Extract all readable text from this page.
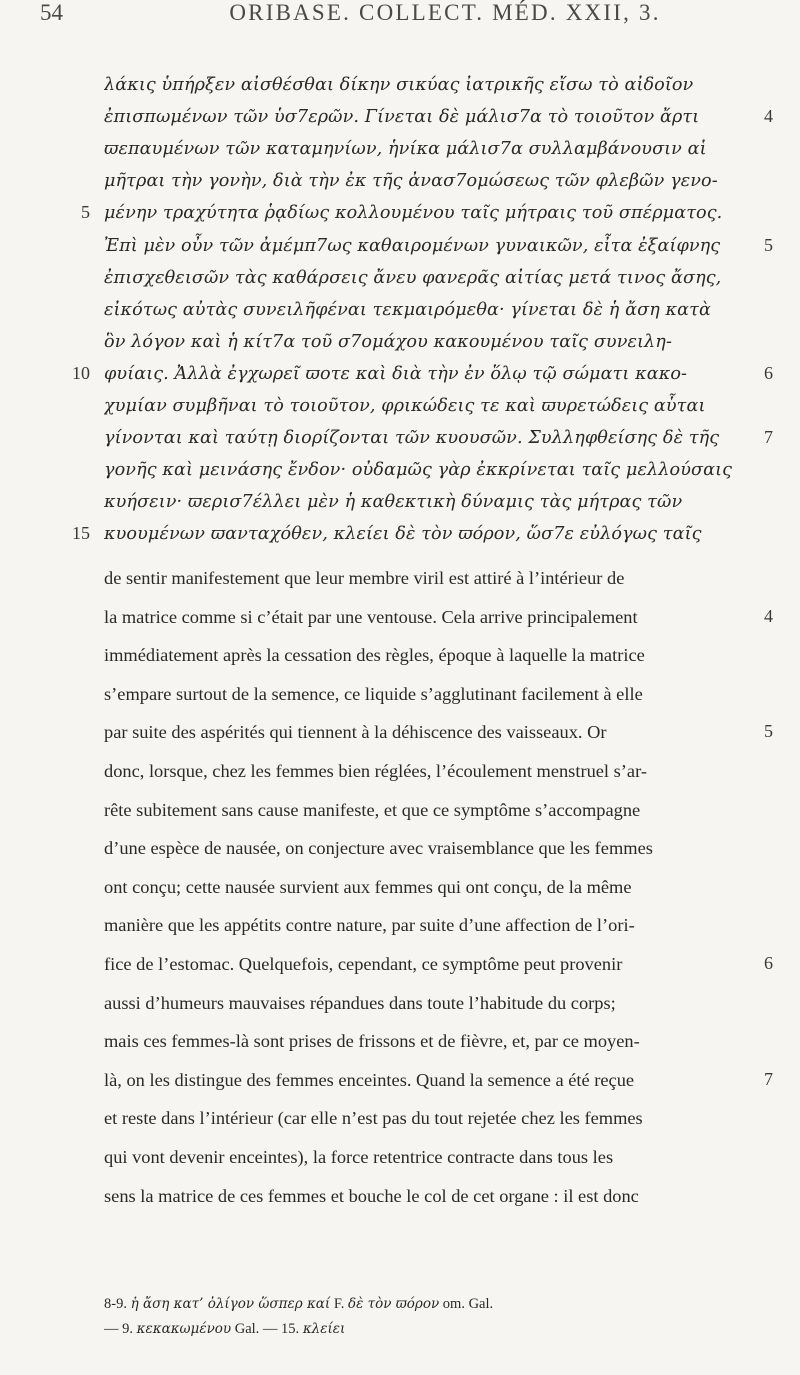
54	ORIBASE. COLLECT. MÉD. XXII, 3.
λάκις ὑπήρξεν αἰσθέσθαι δίκην σικύας ἰατρικῆς εἴσω τὸ αἰδοῖον
ἐπισπωμένων τῶν ὑσ7ερῶν. Γίνεται δὲ μάλισ7α τὸ τοιοῦτον ἄρτι	4
ϖεπαυμένων τῶν καταμηνίων, ἡνίκα μάλισ7α συλλαμβάνουσιν αἱ
μῆτραι τὴν γονὴν, διὰ τὴν ἐκ τῆς ἀνασ7ομώσεως τῶν φλεβῶν γενο-
5 μένην τραχύτητα ῥᾳδίως κολλουμένου ταῖς μήτραις τοῦ σπέρματος.
Ἐπὶ μὲν οὖν τῶν ἀμέμπ7ως καθαιρομένων γυναικῶν, εἶτα ἐξαίφνης	5
ἐπισχεθεισῶν τὰς καθάρσεις ἄνευ φανερᾶς αἰτίας μετά τινος ἄσης,
εἰκότως αὐτὰς συνειλῆφέναι τεκμαιρόμεθα· γίνεται δὲ ἡ ἄση κατὰ
ὃν λόγον καὶ ἡ κίτ7α τοῦ σ7ομάχου κακουμένου ταῖς συνειλη-
10 φυίαις. Ἀλλὰ ἐγχωρεῖ ϖοτε καὶ διὰ τὴν ἐν ὅλῳ τῷ σώματι κακο-	6
χυμίαν συμβῆναι τὸ τοιοῦτον, φρικώδεις τε καὶ ϖυρετώδεις αὗται
γίνονται καὶ ταύτῃ διορίζονται τῶν κυουσῶν. Συλληφθείσης δὲ τῆς	7
γονῆς καὶ μεινάσης ἔνδον· οὐδαμῶς γὰρ ἐκκρίνεται ταῖς μελλούσαις
κυήσειν· ϖερισ7έλλει μὲν ἡ καθεκτικὴ δύναμις τὰς μήτρας τῶν
15 κυουμένων ϖανταχόθεν, κλείει δὲ τὸν ϖόρον, ὥσ7ε εὐλόγως ταῖς
de sentir manifestement que leur membre viril est attiré à l’intérieur de
la matrice comme si c’était par une ventouse. Cela arrive principalement	4
immédiatement après la cessation des règles, époque à laquelle la matrice
s’empare surtout de la semence, ce liquide s’agglutinant facilement à elle
par suite des aspérités qui tiennent à la déhiscence des vaisseaux. Or	5
donc, lorsque, chez les femmes bien réglées, l’écoulement menstruel s’ar-
rête subitement sans cause manifeste, et que ce symptôme s’accompagne
d’une espèce de nausée, on conjecture avec vraisemblance que les femmes
ont conçu; cette nausée survient aux femmes qui ont conçu, de la même
manière que les appétits contre nature, par suite d’une affection de l’ori-
fice de l’estomac. Quelquefois, cependant, ce symptôme peut provenir	6
aussi d’humeurs mauvaises répandues dans toute l’habitude du corps;
mais ces femmes-là sont prises de frissons et de fièvre, et, par ce moyen-
là, on les distingue des femmes enceintes. Quand la semence a été reçue	7
et reste dans l’intérieur (car elle n’est pas du tout rejetée chez les femmes
qui vont devenir enceintes), la force retentrice contracte dans tous les
sens la matrice de ces femmes et bouche le col de cet organe : il est donc
8-9. ἡ ἄση κατ’ ὀλίγον ὥσπερ καί F. δὲ τὸν ϖόρον om. Gal.
— 9. κεκακωμένου Gal. — 15. κλείει
